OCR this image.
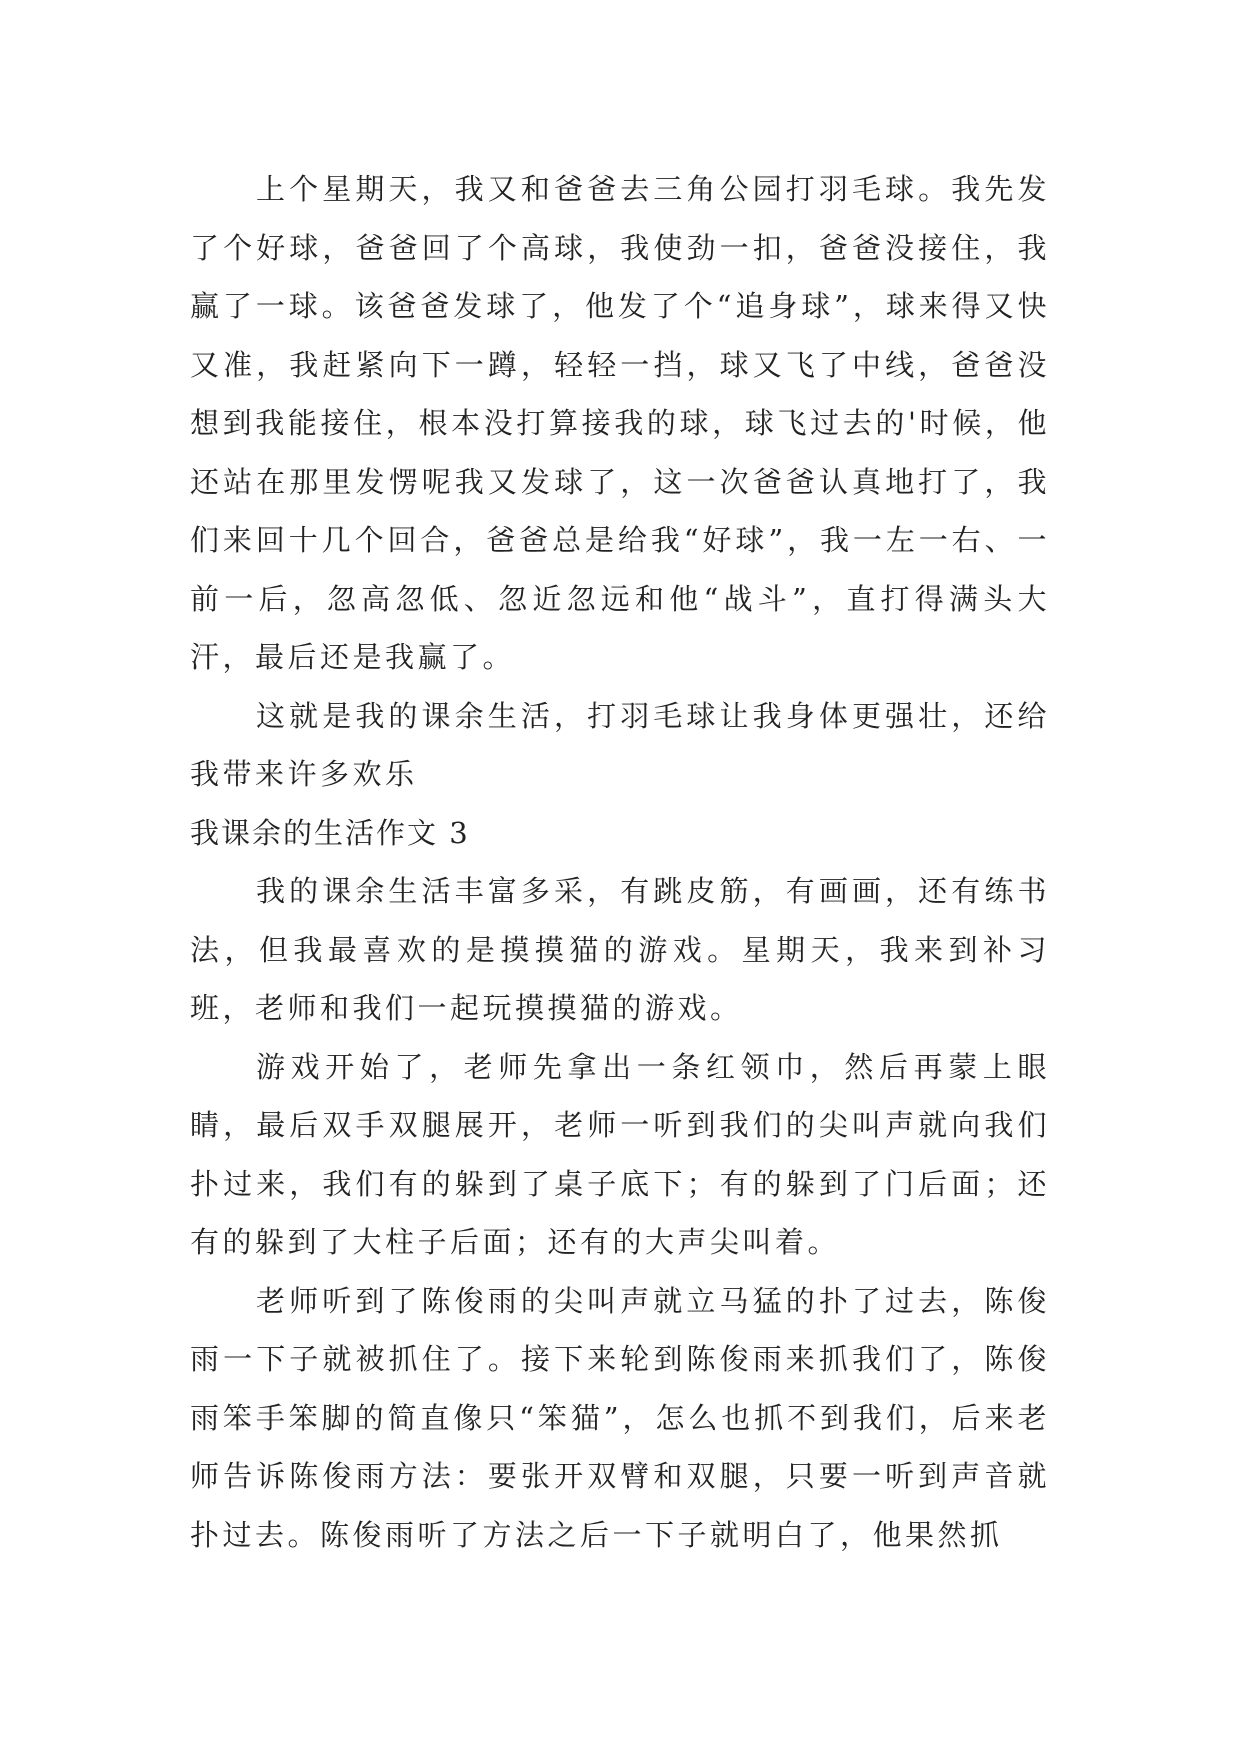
上个星期天，我又和爸爸去三角公园打羽毛球。我先发了个好球，爸爸回了个高球，我使劲一扣，爸爸没接住，我赢了一球。该爸爸发球了，他发了个“追身球”，球来得又快又准，我赶紧向下一蹲，轻轻一挡，球又飞了中线，爸爸没想到我能接住，根本没打算接我的球，球飞过去的'时候，他还站在那里发愣呢我又发球了，这一次爸爸认真地打了，我们来回十几个回合，爸爸总是给我“好球”，我一左一右、一前一后，忽高忽低、忽近忽远和他“战斗”，直打得满头大汗，最后还是我赢了。

这就是我的课余生活，打羽毛球让我身体更强壮，还给我带来许多欢乐

我课余的生活作文 3

我的课余生活丰富多采，有跳皮筋，有画画，还有练书法，但我最喜欢的是摸摸猫的游戏。星期天，我来到补习班，老师和我们一起玩摸摸猫的游戏。

游戏开始了，老师先拿出一条红领巾，然后再蒙上眼睛，最后双手双腿展开，老师一听到我们的尖叫声就向我们扑过来，我们有的躲到了桌子底下；有的躲到了门后面；还有的躲到了大柱子后面；还有的大声尖叫着。

老师听到了陈俊雨的尖叫声就立马猛的扑了过去，陈俊雨一下子就被抓住了。接下来轮到陈俊雨来抓我们了，陈俊雨笨手笨脚的简直像只“笨猫”，怎么也抓不到我们，后来老师告诉陈俊雨方法：要张开双臂和双腿，只要一听到声音就扑过去。陈俊雨听了方法之后一下子就明白了，他果然抓
